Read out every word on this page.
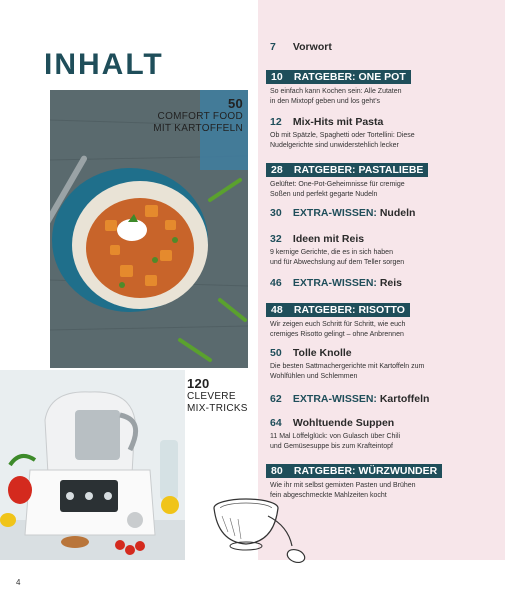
INHALT
50
COMFORT FOOD
MIT KARTOFFELN
120
CLEVERE
MIX-TRICKS
7 Vorwort
10 RATGEBER: ONE POT
So einfach kann Kochen sein: Alle Zutaten
in den Mixtopf geben und los geht’s
12 Mix-Hits mit Pasta
Ob mit Spätzle, Spaghetti oder Tortellini: Diese
Nudelgerichte sind unwiderstehlich lecker
28 RATGEBER: PASTALIEBE
Gelüftet: One-Pot-Geheimnisse für cremige
Soßen und perfekt gegarte Nudeln
30 EXTRA-WISSEN: Nudeln
32 Ideen mit Reis
9 kernige Gerichte, die es in sich haben
und für Abwechslung auf dem Teller sorgen
46 EXTRA-WISSEN: Reis
48 RATGEBER: RISOTTO
Wir zeigen euch Schritt für Schritt, wie euch
cremiges Risotto gelingt – ohne Anbrennen
50 Tolle Knolle
Die besten Sattmachergerichte mit Kartoffeln zum
Wohlfühlen und Schlemmen
62 EXTRA-WISSEN: Kartoffeln
64 Wohltuende Suppen
11 Mal Löffelglück: von Gulasch über Chili
und Gemüsesuppe bis zum Krafteintopf
80 RATGEBER: WÜRZWUNDER
Wie ihr mit selbst gemixten Pasten und Brühen
fein abgeschmeckte Mahlzeiten kocht
4
